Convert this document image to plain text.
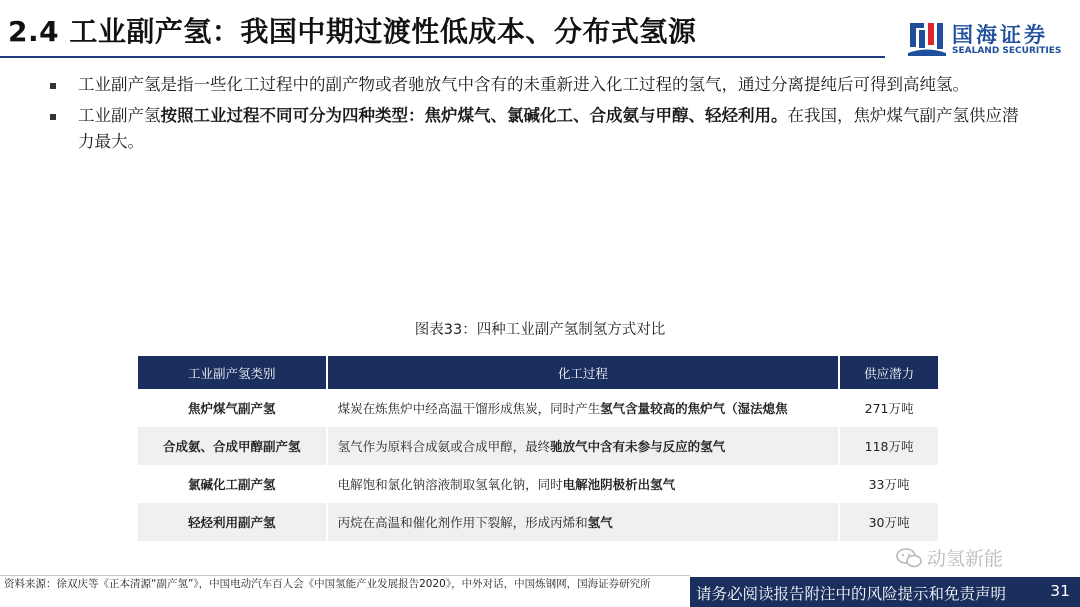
2.4 工业副产氢：我国中期过渡性低成本、分布式氢源	国海证券
SEALAND SECURITIES
工业副产氢是指一些化工过程中的副产物或者驰放气中含有的未重新进入化工过程的氢气，通过分离提纯后可得到高纯氢。
工业副产氢按照工业过程不同可分为四种类型：焦炉煤气、氯碱化工、合成氨与甲醇、轻烃利用。在我国，焦炉煤气副产氢供应潜力最大。
图表33：四种工业副产氢制氢方式对比
工业副产氢类别	化工过程	供应潜力
焦炉煤气副产氢	煤炭在炼焦炉中经高温干馏形成焦炭，同时产生氢气含量较高的焦炉气（湿法熄焦	271万吨
合成氨、合成甲醇副产氢	氢气作为原料合成氨或合成甲醇，最终驰放气中含有未参与反应的氢气	118万吨
氯碱化工副产氢	电解饱和氯化钠溶液制取氢氧化钠，同时电解池阴极析出氢气	33万吨
轻烃利用副产氢	丙烷在高温和催化剂作用下裂解，形成丙烯和氢气	30万吨
动氢新能
资料来源：徐双庆等《正本清源“副产氢”》，中国电动汽车百人会《中国氢能产业发展报告2020》，中外对话，中国炼钢网，国海证券研究所
请务必阅读报告附注中的风险提示和免责声明	31
